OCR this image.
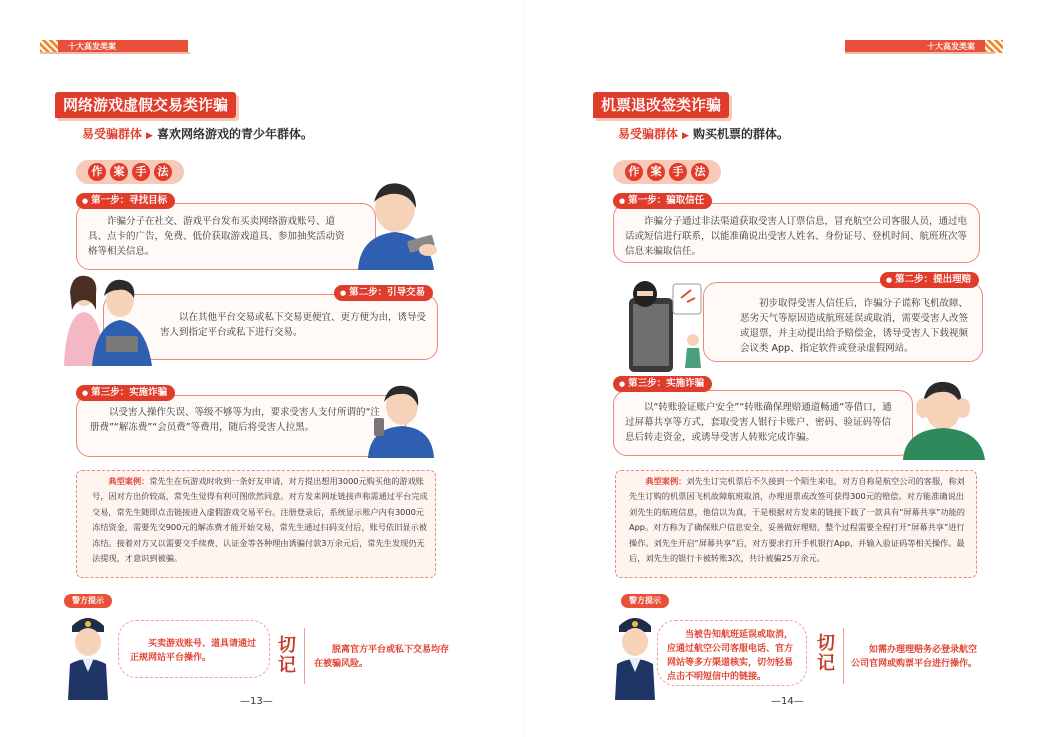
十大高发类案
网络游戏虚假交易类诈骗
易受骗群体 ▶ 喜欢网络游戏的青少年群体。
作	案	手	法
● 第一步：寻找目标
诈骗分子在社交、游戏平台发布买卖网络游戏账号、道具、点卡的广告，免费、低价获取游戏道具、参加抽奖活动资格等相关信息。
● 第二步：引导交易
以在其他平台交易或私下交易更便宜、更方便为由，诱导受害人到指定平台或私下进行交易。
● 第三步：实施诈骗
以受害人操作失误、等级不够等为由，要求受害人支付所谓的“注册费”“解冻费”“会员费”等费用，随后将受害人拉黑。
典型案例：常先生在玩游戏时收到一条好友申请，对方提出想用3000元购买他的游戏账号，因对方出价较高，常先生觉得有利可图欣然同意。对方发来网址链接声称需通过平台完成交易，常先生随即点击链接进入虚假游戏交易平台。注册登录后，系统显示账户内有3000元冻结资金，需要先交900元的解冻费才能开始交易，常先生通过扫码支付后，账号依旧显示被冻结。接着对方又以需要交手续费、认证金等各种理由诱骗付款3万余元后，常先生发现仍无法提现，才意识到被骗。
警方提示
买卖游戏账号、道具请通过正规网站平台操作。
切
记
脱离官方平台或私下交易均存在被骗风险。
—13—
十大高发类案
机票退改签类诈骗
易受骗群体 ▶ 购买机票的群体。
作	案	手	法
● 第一步：骗取信任
诈骗分子通过非法渠道获取受害人订票信息，冒充航空公司客服人员，通过电话或短信进行联系，以能准确说出受害人姓名、身份证号、登机时间、航班班次等信息来骗取信任。
● 第二步：提出理赔
初步取得受害人信任后，诈骗分子谎称飞机故障、恶劣天气等原因造成航班延误或取消，需要受害人改签或退票，并主动提出给予赔偿金，诱导受害人下载视频会议类 App、指定软件或登录虚假网站。
● 第三步：实施诈骗
以“转账验证账户安全”“转账确保理赔通道畅通”等借口，通过屏幕共享等方式，套取受害人银行卡账户、密码、验证码等信息后转走资金，或诱导受害人转账完成诈骗。
典型案例：刘先生订完机票后不久接到一个陌生来电，对方自称是航空公司的客服，称刘先生订购的机票因飞机故障航班取消，办理退票或改签可获得300元的赔偿。对方能准确说出刘先生的航班信息，他信以为真，于是根据对方发来的链接下载了一款具有“屏幕共享”功能的App。对方称为了确保账户信息安全，妥善做好理赔，整个过程需要全程打开“屏幕共享”进行操作。刘先生开启“屏幕共享”后，对方要求打开手机银行App，并输入验证码等相关操作。最后，刘先生的银行卡被转账3次，共计被骗25万余元。
警方提示
当被告知航班延误或取消，应通过航空公司客服电话、官方网站等多方渠道核实，切勿轻易点击不明短信中的链接。
切
记
如需办理理赔务必登录航空公司官网或购票平台进行操作。
—14—
